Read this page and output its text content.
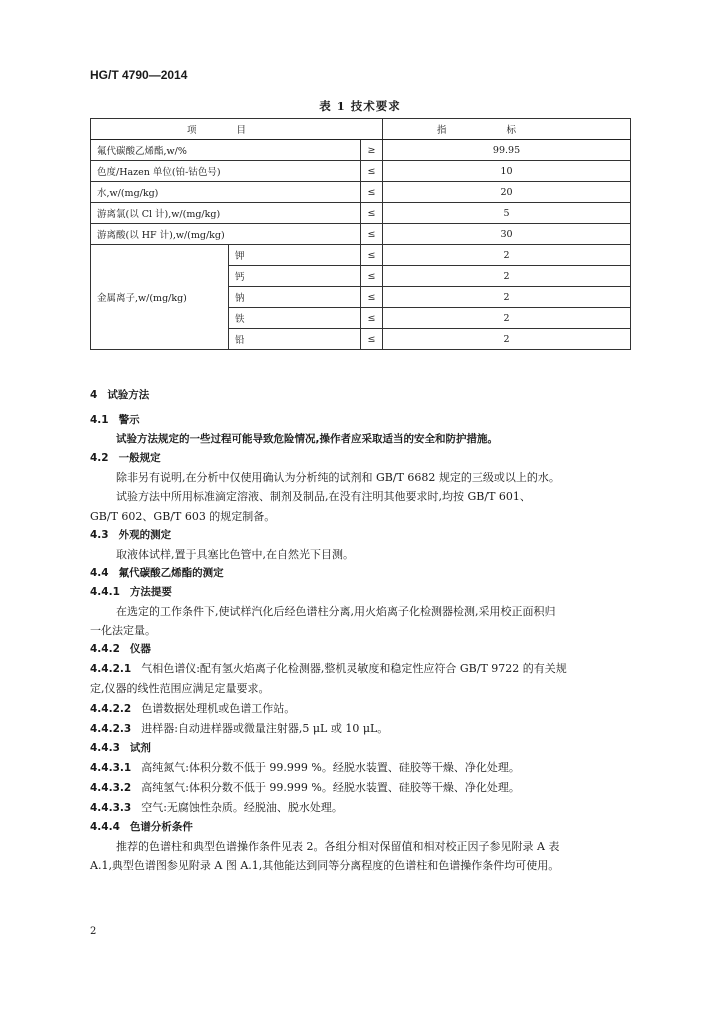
HG/T 4790—2014
表 1 技术要求
项目			指标
氟代碳酸乙烯酯,w/%		≥	99.95
色度/Hazen 单位(铂-钴色号)		≤	10
水,w/(mg/kg)		≤	20
游离氯(以 Cl 计),w/(mg/kg)		≤	5
游离酸(以 HF 计),w/(mg/kg)		≤	30
金属离子,w/(mg/kg)	钾	≤	2
	钙	≤	2
	钠	≤	2
	铁	≤	2
	铅	≤	2
4 试验方法
4.1 警示
试验方法规定的一些过程可能导致危险情况,操作者应采取适当的安全和防护措施。
4.2 一般规定
除非另有说明,在分析中仅使用确认为分析纯的试剂和 GB/T 6682 规定的三级或以上的水。
试验方法中所用标准滴定溶液、制剂及制品,在没有注明其他要求时,均按 GB/T 601、
GB/T 602、GB/T 603 的规定制备。
4.3 外观的测定
取液体试样,置于具塞比色管中,在自然光下目测。
4.4 氟代碳酸乙烯酯的测定
4.4.1 方法提要
在选定的工作条件下,使试样汽化后经色谱柱分离,用火焰离子化检测器检测,采用校正面积归
一化法定量。
4.4.2 仪器
4.4.2.1 气相色谱仪:配有氢火焰离子化检测器,整机灵敏度和稳定性应符合 GB/T 9722 的有关规
定,仪器的线性范围应满足定量要求。
4.4.2.2 色谱数据处理机或色谱工作站。
4.4.2.3 进样器:自动进样器或微量注射器,5 μL 或 10 μL。
4.4.3 试剂
4.4.3.1 高纯氮气:体积分数不低于 99.999 %。经脱水装置、硅胶等干燥、净化处理。
4.4.3.2 高纯氢气:体积分数不低于 99.999 %。经脱水装置、硅胶等干燥、净化处理。
4.4.3.3 空气:无腐蚀性杂质。经脱油、脱水处理。
4.4.4 色谱分析条件
推荐的色谱柱和典型色谱操作条件见表 2。各组分相对保留值和相对校正因子参见附录 A 表
A.1,典型色谱图参见附录 A 图 A.1,其他能达到同等分离程度的色谱柱和色谱操作条件均可使用。
2
